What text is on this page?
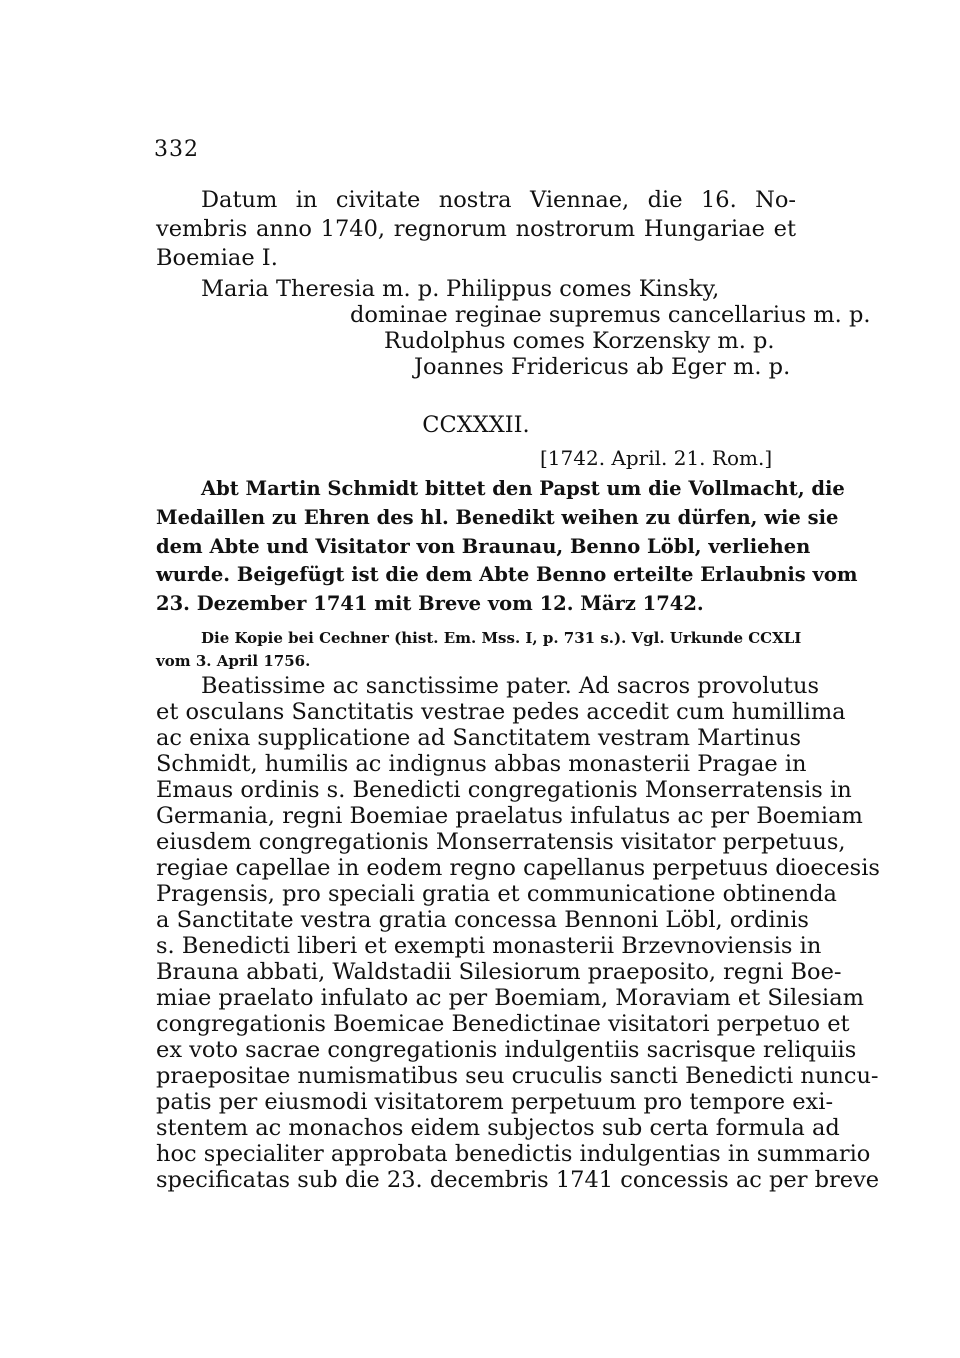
332
Datum in civitate nostra Viennae, die 16. No-
vembris anno 1740, regnorum nostrorum Hungariae et
Boemiae I.
Maria Theresia m. p. Philippus comes Kinsky,
dominae reginae supremus cancellarius m. p.
Rudolphus comes Korzensky m. p.
Joannes Fridericus ab Eger m. p.
CCXXXII.
[1742. April. 21. Rom.]
Abt Martin Schmidt bittet den Papst um die Vollmacht, die
Medaillen zu Ehren des hl. Benedikt weihen zu dürfen, wie sie
dem Abte und Visitator von Braunau, Benno Löbl, verliehen
wurde. Beigefügt ist die dem Abte Benno erteilte Erlaubnis vom
23. Dezember 1741 mit Breve vom 12. März 1742.
Die Kopie bei Cechner (hist. Em. Mss. I, p. 731 s.). Vgl. Urkunde CCXLI
vom 3. April 1756.
Beatissime ac sanctissime pater. Ad sacros provolutus
et osculans Sanctitatis vestrae pedes accedit cum humillima
ac enixa supplicatione ad Sanctitatem vestram Martinus
Schmidt, humilis ac indignus abbas monasterii Pragae in
Emaus ordinis s. Benedicti congregationis Monserratensis in
Germania, regni Boemiae praelatus infulatus ac per Boemiam
eiusdem congregationis Monserratensis visitator perpetuus,
regiae capellae in eodem regno capellanus perpetuus dioecesis
Pragensis, pro speciali gratia et communicatione obtinenda
a Sanctitate vestra gratia concessa Bennoni Löbl, ordinis
s. Benedicti liberi et exempti monasterii Brzevnoviensis in
Brauna abbati, Waldstadii Silesiorum praeposito, regni Boe-
miae praelato infulato ac per Boemiam, Moraviam et Silesiam
congregationis Boemicae Benedictinae visitatori perpetuo et
ex voto sacrae congregationis indulgentiis sacrisque reliquiis
praepositae numismatibus seu cruculis sancti Benedicti nuncu-
patis per eiusmodi visitatorem perpetuum pro tempore exi-
stentem ac monachos eidem subjectos sub certa formula ad
hoc specialiter approbata benedictis indulgentias in summario
specificatas sub die 23. decembris 1741 concessis ac per breve
